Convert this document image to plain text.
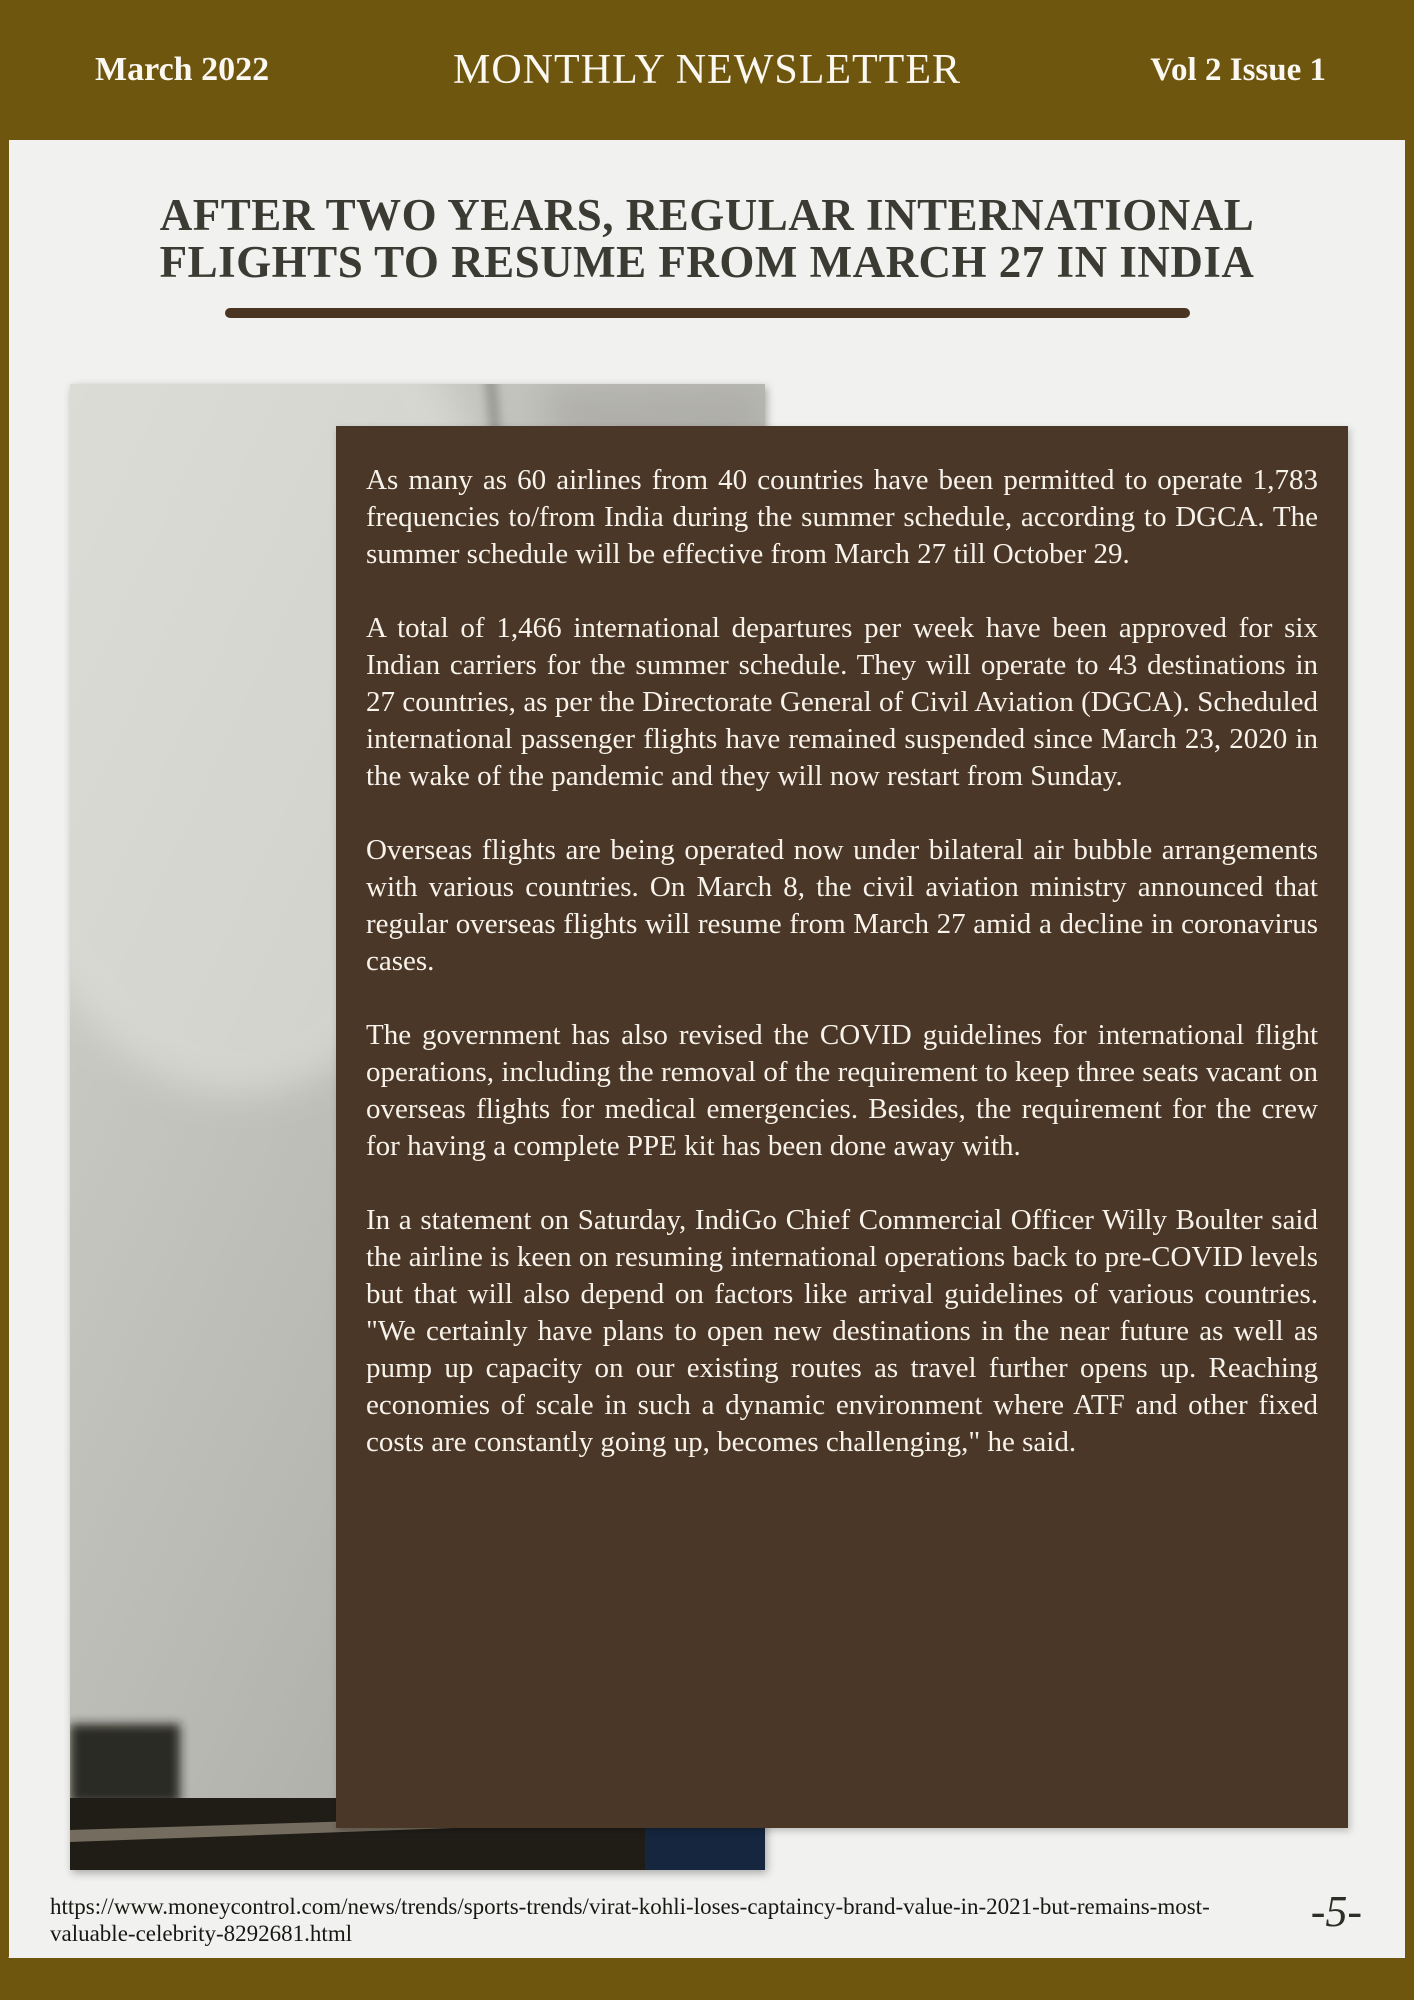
March 2022	MONTHLY NEWSLETTER	Vol 2 Issue 1
AFTER TWO YEARS, REGULAR INTERNATIONAL
FLIGHTS TO RESUME FROM MARCH 27 IN INDIA

As many as 60 airlines from 40 countries have been permitted to operate 1,783 frequencies to/from India during the summer schedule, according to DGCA. The summer schedule will be effective from March 27 till October 29.

A total of 1,466 international departures per week have been approved for six Indian carriers for the summer schedule. They will operate to 43 destinations in 27 countries, as per the Directorate General of Civil Aviation (DGCA). Scheduled international passenger flights have remained suspended since March 23, 2020 in the wake of the pandemic and they will now restart from Sunday.

Overseas flights are being operated now under bilateral air bubble arrangements with various countries. On March 8, the civil aviation ministry announced that regular overseas flights will resume from March 27 amid a decline in coronavirus cases.

The government has also revised the COVID guidelines for international flight operations, including the removal of the requirement to keep three seats vacant on overseas flights for medical emergencies. Besides, the requirement for the crew for having a complete PPE kit has been done away with.

In a statement on Saturday, IndiGo Chief Commercial Officer Willy Boulter said the airline is keen on resuming international operations back to pre-COVID levels but that will also depend on factors like arrival guidelines of various countries. "We certainly have plans to open new destinations in the near future as well as pump up capacity on our existing routes as travel further opens up. Reaching economies of scale in such a dynamic environment where ATF and other fixed costs are constantly going up, becomes challenging," he said.

https://www.moneycontrol.com/news/trends/sports-trends/virat-kohli-loses-captaincy-brand-value-in-2021-but-remains-most-valuable-celebrity-8292681.html	-5-
